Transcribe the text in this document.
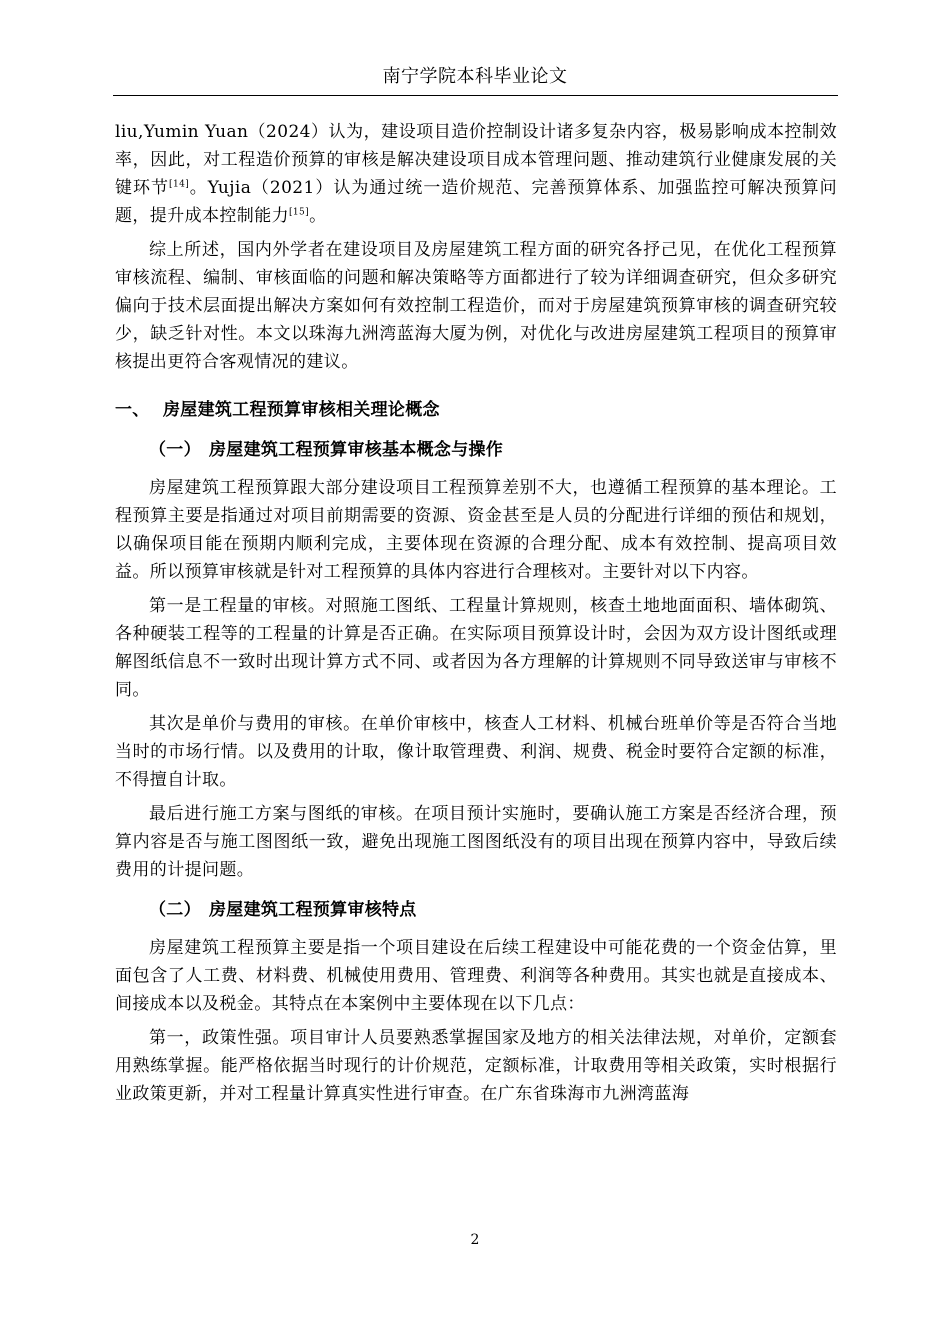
南宁学院本科毕业论文

liu,Yumin Yuan（2024）认为，建设项目造价控制设计诸多复杂内容，极易影响成本控制效率，因此，对工程造价预算的审核是解决建设项目成本管理问题、推动建筑行业健康发展的关键环节[14]。Yujia（2021）认为通过统一造价规范、完善预算体系、加强监控可解决预算问题，提升成本控制能力[15]。

综上所述，国内外学者在建设项目及房屋建筑工程方面的研究各抒己见，在优化工程预算审核流程、编制、审核面临的问题和解决策略等方面都进行了较为详细调查研究，但众多研究偏向于技术层面提出解决方案如何有效控制工程造价，而对于房屋建筑预算审核的调查研究较少，缺乏针对性。本文以珠海九洲湾蓝海大厦为例，对优化与改进房屋建筑工程项目的预算审核提出更符合客观情况的建议。

一、 房屋建筑工程预算审核相关理论概念
（一） 房屋建筑工程预算审核基本概念与操作

房屋建筑工程预算跟大部分建设项目工程预算差别不大，也遵循工程预算的基本理论。工程预算主要是指通过对项目前期需要的资源、资金甚至是人员的分配进行详细的预估和规划，以确保项目能在预期内顺利完成，主要体现在资源的合理分配、成本有效控制、提高项目效益。所以预算审核就是针对工程预算的具体内容进行合理核对。主要针对以下内容。

第一是工程量的审核。对照施工图纸、工程量计算规则，核查土地地面面积、墙体砌筑、各种硬装工程等的工程量的计算是否正确。在实际项目预算设计时，会因为双方设计图纸或理解图纸信息不一致时出现计算方式不同、或者因为各方理解的计算规则不同导致送审与审核不同。

其次是单价与费用的审核。在单价审核中，核查人工材料、机械台班单价等是否符合当地当时的市场行情。以及费用的计取，像计取管理费、利润、规费、税金时要符合定额的标准，不得擅自计取。

最后进行施工方案与图纸的审核。在项目预计实施时，要确认施工方案是否经济合理，预算内容是否与施工图图纸一致，避免出现施工图图纸没有的项目出现在预算内容中，导致后续费用的计提问题。

（二） 房屋建筑工程预算审核特点

房屋建筑工程预算主要是指一个项目建设在后续工程建设中可能花费的一个资金估算，里面包含了人工费、材料费、机械使用费用、管理费、利润等各种费用。其实也就是直接成本、间接成本以及税金。其特点在本案例中主要体现在以下几点：

第一，政策性强。项目审计人员要熟悉掌握国家及地方的相关法律法规，对单价，定额套用熟练掌握。能严格依据当时现行的计价规范，定额标准，计取费用等相关政策，实时根据行业政策更新，并对工程量计算真实性进行审查。在广东省珠海市九洲湾蓝海

2
